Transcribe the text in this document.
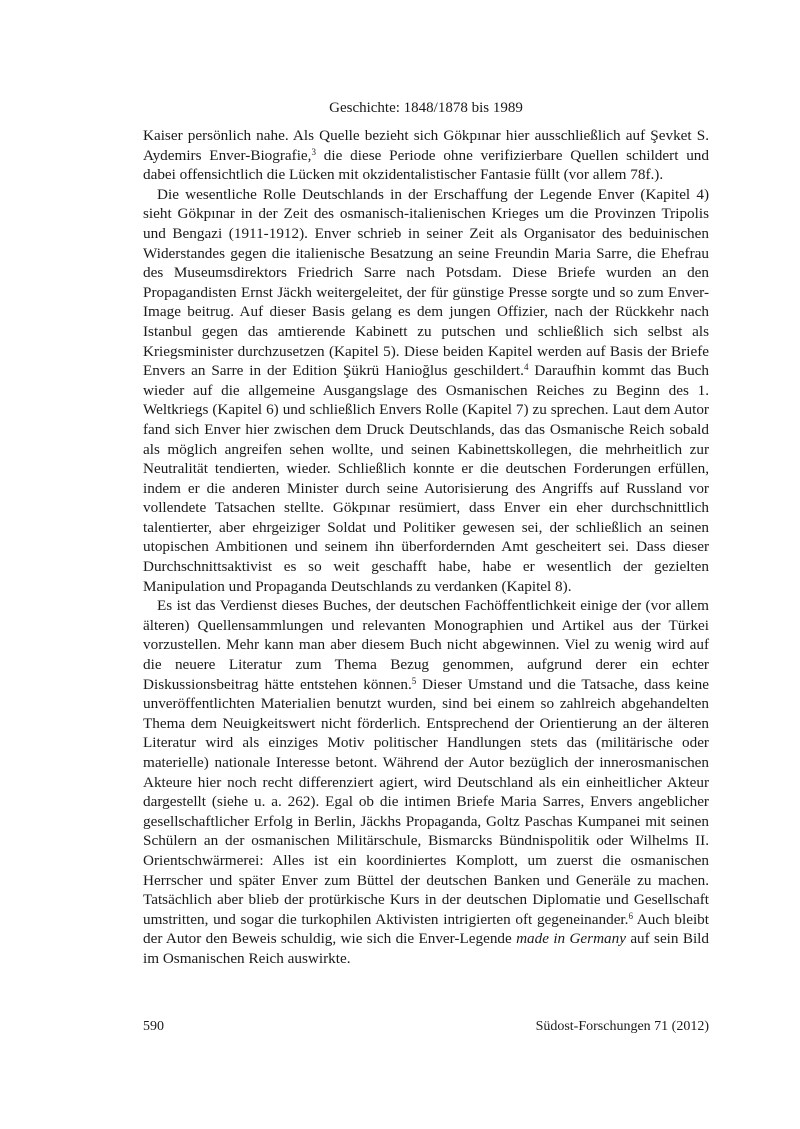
Geschichte: 1848/1878 bis 1989

Kaiser persönlich nahe. Als Quelle bezieht sich Gökpınar hier ausschließlich auf Şevket S. Aydemirs Enver-Biografie,$^3$ die diese Periode ohne verifizierbare Quellen schildert und dabei offensichtlich die Lücken mit okzidentalistischer Fantasie füllt (vor allem 78f.).

Die wesentliche Rolle Deutschlands in der Erschaffung der Legende Enver (Kapitel 4) sieht Gökpınar in der Zeit des osmanisch-italienischen Krieges um die Provinzen Tripolis und Bengazi (1911-1912). Enver schrieb in seiner Zeit als Organisator des beduinischen Widerstandes gegen die italienische Besatzung an seine Freundin Maria Sarre, die Ehefrau des Museumsdirektors Friedrich Sarre nach Potsdam. Diese Briefe wurden an den Propagandisten Ernst Jäckh weitergeleitet, der für günstige Presse sorgte und so zum Enver-Image beitrug. Auf dieser Basis gelang es dem jungen Offizier, nach der Rückkehr nach Istanbul gegen das amtierende Kabinett zu putschen und schließlich sich selbst als Kriegsminister durchzusetzen (Kapitel 5). Diese beiden Kapitel werden auf Basis der Briefe Envers an Sarre in der Edition Şükrü Hanioğlus geschildert.$^4$ Daraufhin kommt das Buch wieder auf die allgemeine Ausgangslage des Osmanischen Reiches zu Beginn des 1. Weltkriegs (Kapitel 6) und schließlich Envers Rolle (Kapitel 7) zu sprechen. Laut dem Autor fand sich Enver hier zwischen dem Druck Deutschlands, das das Osmanische Reich sobald als möglich angreifen sehen wollte, und seinen Kabinettskollegen, die mehrheitlich zur Neutralität tendierten, wieder. Schließlich konnte er die deutschen Forderungen erfüllen, indem er die anderen Minister durch seine Autorisierung des Angriffs auf Russland vor vollendete Tatsachen stellte. Gökpınar resümiert, dass Enver ein eher durchschnittlich talentierter, aber ehrgeiziger Soldat und Politiker gewesen sei, der schließlich an seinen utopischen Ambitionen und seinem ihn überfordernden Amt gescheitert sei. Dass dieser Durchschnittsaktivist es so weit geschafft habe, habe er wesentlich der gezielten Manipulation und Propaganda Deutschlands zu verdanken (Kapitel 8).

Es ist das Verdienst dieses Buches, der deutschen Fachöffentlichkeit einige der (vor allem älteren) Quellensammlungen und relevanten Monographien und Artikel aus der Türkei vorzustellen. Mehr kann man aber diesem Buch nicht abgewinnen. Viel zu wenig wird auf die neuere Literatur zum Thema Bezug genommen, aufgrund derer ein echter Diskussionsbeitrag hätte entstehen können.$^5$ Dieser Umstand und die Tatsache, dass keine unveröffentlichten Materialien benutzt wurden, sind bei einem so zahlreich abgehandelten Thema dem Neuigkeitswert nicht förderlich. Entsprechend der Orientierung an der älteren Literatur wird als einziges Motiv politischer Handlungen stets das (militärische oder materielle) nationale Interesse betont. Während der Autor bezüglich der innerosmanischen Akteure hier noch recht differenziert agiert, wird Deutschland als ein einheitlicher Akteur dargestellt (siehe u. a. 262). Egal ob die intimen Briefe Maria Sarres, Envers angeblicher gesellschaftlicher Erfolg in Berlin, Jäckhs Propaganda, Goltz Paschas Kumpanei mit seinen Schülern an der osmanischen Militärschule, Bismarcks Bündnispolitik oder Wilhelms II. Orientschwärmerei: Alles ist ein koordiniertes Komplott, um zuerst die osmanischen Herrscher und später Enver zum Büttel der deutschen Banken und Generäle zu machen. Tatsächlich aber blieb der protürkische Kurs in der deutschen Diplomatie und Gesellschaft umstritten, und sogar die turkophilen Aktivisten intrigierten oft gegeneinander.$^6$ Auch bleibt der Autor den Beweis schuldig, wie sich die Enver-Legende made in Germany auf sein Bild im Osmanischen Reich auswirkte.

590	Südost-Forschungen 71 (2012)
